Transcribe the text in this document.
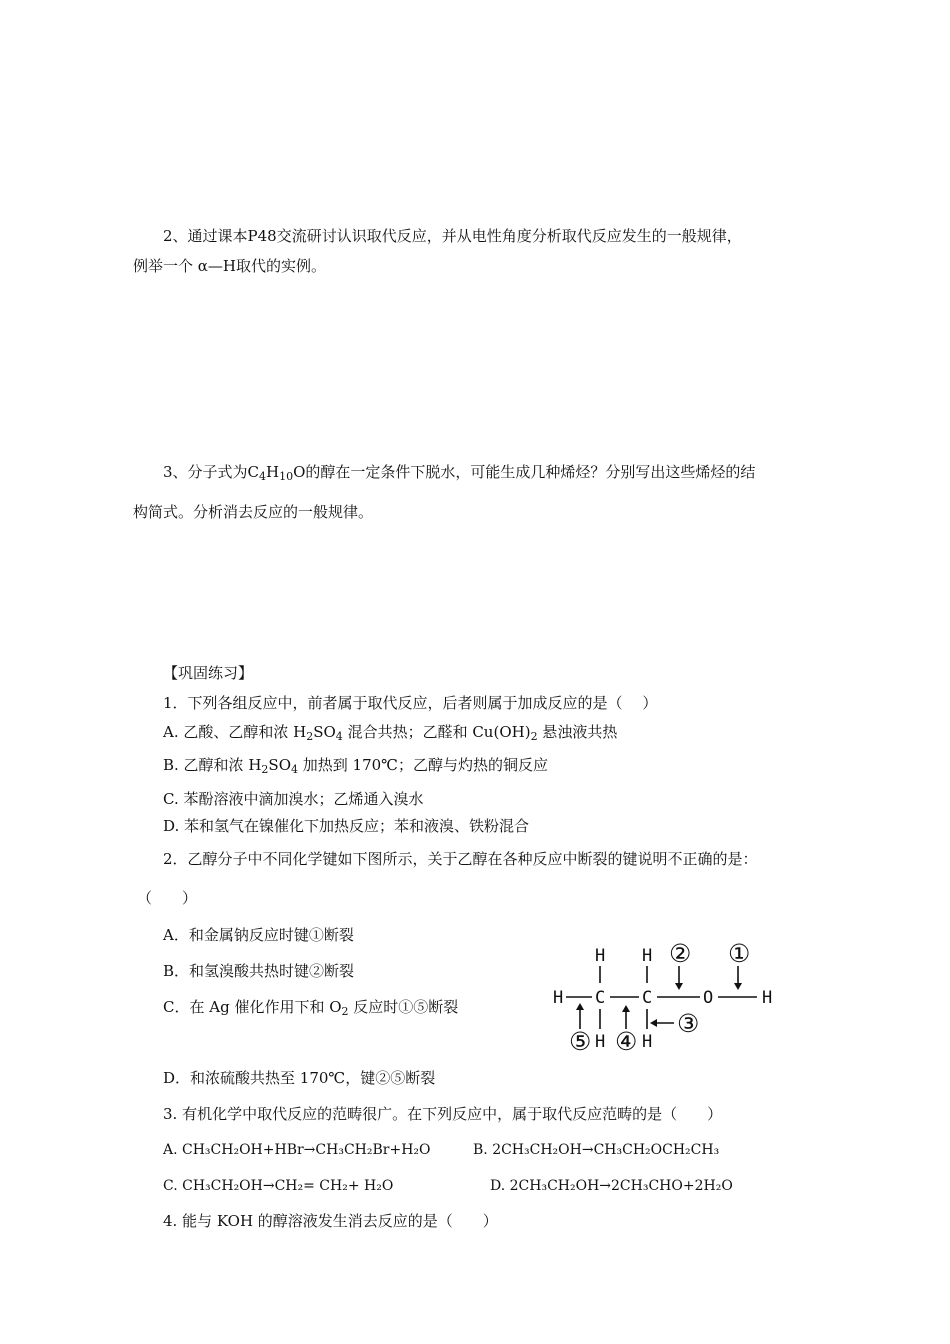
2、通过课本P48交流研讨认识取代反应，并从电性角度分析取代反应发生的一般规律，
例举一个 α—H取代的实例。
3、分子式为$C_4H_{10}O$的醇在一定条件下脱水，可能生成几种烯烃？分别写出这些烯烃的结
构简式。分析消去反应的一般规律。
【巩固练习】
1．下列各组反应中，前者属于取代反应，后者则属于加成反应的是（　 ）
A. 乙酸、乙醇和浓 $H_2SO_4$ 混合共热；乙醛和 $Cu(OH)_2$ 悬浊液共热
B. 乙醇和浓 $H_2SO_4$ 加热到 170℃；乙醇与灼热的铜反应
C. 苯酚溶液中滴加溴水；乙烯通入溴水
D. 苯和氢气在镍催化下加热反应；苯和液溴、铁粉混合
2．乙醇分子中不同化学键如下图所示，关于乙醇在各种反应中断裂的键说明不正确的是：
（　　）
A．和金属钠反应时键①断裂
B．和氢溴酸共热时键②断裂
C．在 Ag 催化作用下和 $O_2$ 反应时①⑤断裂	H C C	O	H
H H
H H
② ①
③
④
⑤
D．和浓硫酸共热至 170℃，键②⑤断裂
3. 有机化学中取代反应的范畴很广。在下列反应中，属于取代反应范畴的是（　　）
A. CH₃CH₂OH+HBr→CH₃CH₂Br+H₂O	B. 2CH₃CH₂OH→CH₃CH₂OCH₂CH₃
C. CH₃CH₂OH→CH₂= CH₂+ H₂O	D. 2CH₃CH₂OH→2CH₃CHO+2H₂O
4. 能与 KOH 的醇溶液发生消去反应的是（　　）
